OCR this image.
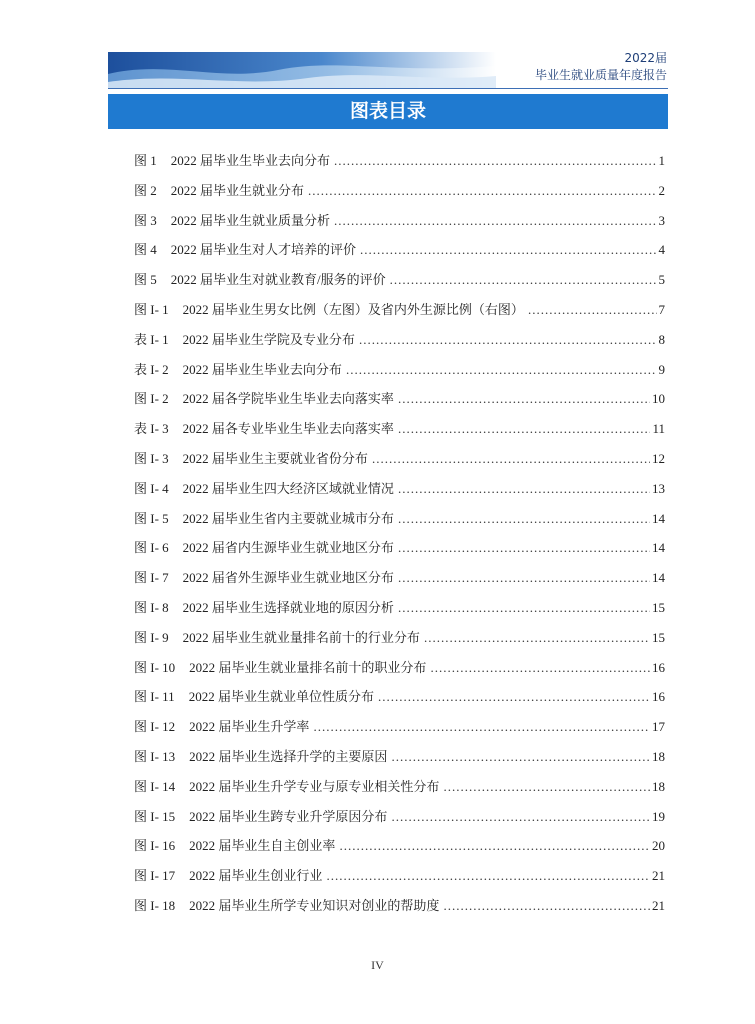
2022届
毕业生就业质量年度报告
图表目录
图 1 2022 届毕业生毕业去向分布 .....	1
图 2 2022 届毕业生就业分布 .....	2
图 3 2022 届毕业生就业质量分析 .....	3
图 4 2022 届毕业生对人才培养的评价 .....	4
图 5 2022 届毕业生对就业教育/服务的评价 .....	5
图 I- 1 2022 届毕业生男女比例（左图）及省内外生源比例（右图） .....	7
表 I- 1 2022 届毕业生学院及专业分布 .....	8
表 I- 2 2022 届毕业生毕业去向分布 .....	9
图 I- 2 2022 届各学院毕业生毕业去向落实率 .....	10
表 I- 3 2022 届各专业毕业生毕业去向落实率 .....	11
图 I- 3 2022 届毕业生主要就业省份分布 .....	12
图 I- 4 2022 届毕业生四大经济区域就业情况 .....	13
图 I- 5 2022 届毕业生省内主要就业城市分布 .....	14
图 I- 6 2022 届省内生源毕业生就业地区分布 .....	14
图 I- 7 2022 届省外生源毕业生就业地区分布 .....	14
图 I- 8 2022 届毕业生选择就业地的原因分析 .....	15
图 I- 9 2022 届毕业生就业量排名前十的行业分布 .....	15
图 I- 10 2022 届毕业生就业量排名前十的职业分布 .....	16
图 I- 11 2022 届毕业生就业单位性质分布 .....	16
图 I- 12 2022 届毕业生升学率 .....	17
图 I- 13 2022 届毕业生选择升学的主要原因 .....	18
图 I- 14 2022 届毕业生升学专业与原专业相关性分布 .....	18
图 I- 15 2022 届毕业生跨专业升学原因分布 .....	19
图 I- 16 2022 届毕业生自主创业率 .....	20
图 I- 17 2022 届毕业生创业行业 .....	21
图 I- 18 2022 届毕业生所学专业知识对创业的帮助度 .....	21
IV
